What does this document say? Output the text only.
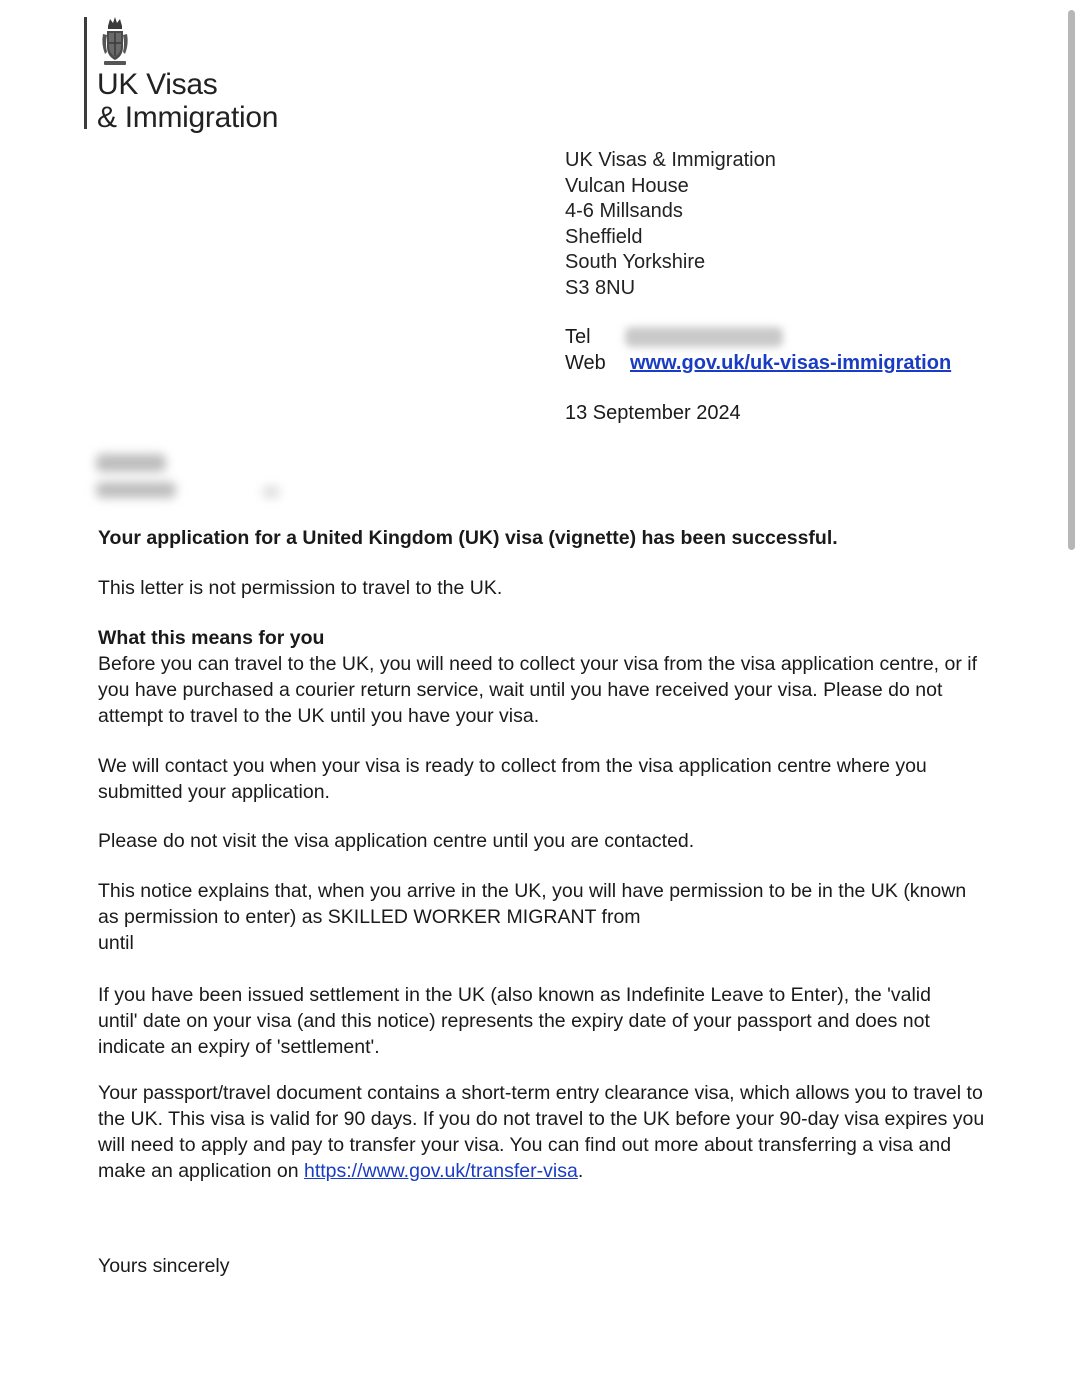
UK Visas
& Immigration
UK Visas & Immigration
Vulcan House
4-6 Millsands
Sheffield
South Yorkshire
S3 8NU
Tel
Web www.gov.uk/uk-visas-immigration
13 September 2024

Your application for a United Kingdom (UK) visa (vignette) has been successful.

This letter is not permission to travel to the UK.

What this means for you

Before you can travel to the UK, you will need to collect your visa from the visa application centre, or if you have purchased a courier return service, wait until you have received your visa. Please do not attempt to travel to the UK until you have your visa.

We will contact you when your visa is ready to collect from the visa application centre where you submitted your application.

Please do not visit the visa application centre until you are contacted.

This notice explains that, when you arrive in the UK, you will have permission to be in the UK (known as permission to enter) as SKILLED WORKER MIGRANT from

until

If you have been issued settlement in the UK (also known as Indefinite Leave to Enter), the 'valid until' date on your visa (and this notice) represents the expiry date of your passport and does not indicate an expiry of 'settlement'.

Your passport/travel document contains a short-term entry clearance visa, which allows you to travel to the UK. This visa is valid for 90 days. If you do not travel to the UK before your 90-day visa expires you will need to apply and pay to transfer your visa. You can find out more about transferring a visa and make an application on https://www.gov.uk/transfer-visa.

Yours sincerely
